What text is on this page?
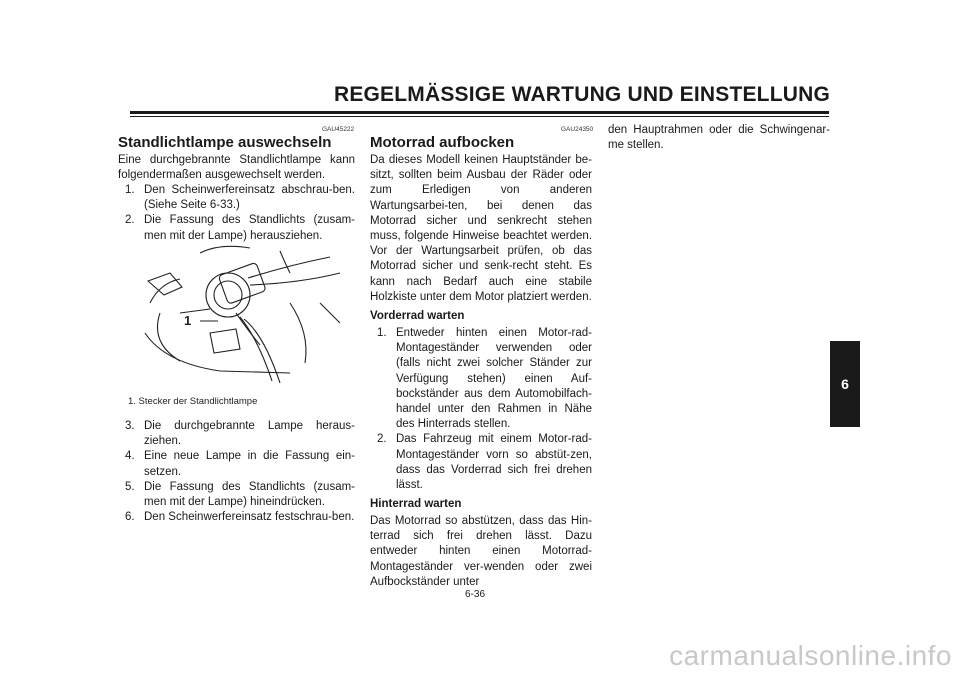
REGELMÄSSIGE WARTUNG UND EINSTELLUNG
GAU45222
Standlichtlampe auswechseln
Eine durchgebrannte Standlichtlampe kann folgendermaßen ausgewechselt werden.
1. Den Scheinwerfereinsatz abschrau-ben. (Siehe Seite 6-33.)
2. Die Fassung des Standlichts (zusam-men mit der Lampe) herausziehen.
1
1. Stecker der Standlichtlampe
3. Die durchgebrannte Lampe heraus-ziehen.
4. Eine neue Lampe in die Fassung ein-setzen.
5. Die Fassung des Standlichts (zusam-men mit der Lampe) hineindrücken.
6. Den Scheinwerfereinsatz festschrau-ben.
GAU24350
Motorrad aufbocken
Da dieses Modell keinen Hauptständer be-sitzt, sollten beim Ausbau der Räder oder zum Erledigen von anderen Wartungsarbei-ten, bei denen das Motorrad sicher und senkrecht stehen muss, folgende Hinweise beachtet werden. Vor der Wartungsarbeit prüfen, ob das Motorrad sicher und senk-recht steht. Es kann nach Bedarf auch eine stabile Holzkiste unter dem Motor platziert werden.
Vorderrad warten
1. Entweder hinten einen Motor-rad-Montageständer verwenden oder (falls nicht zwei solcher Ständer zur Verfügung stehen) einen Auf-bockständer aus dem Automobilfach-handel unter den Rahmen in Nähe des Hinterrads stellen.
2. Das Fahrzeug mit einem Motor-rad-Montageständer vorn so abstüt-zen, dass das Vorderrad sich frei drehen lässt.
Hinterrad warten
Das Motorrad so abstützen, dass das Hin-terrad sich frei drehen lässt. Dazu entweder hinten einen Motorrad-Montageständer ver-wenden oder zwei Aufbockständer unter
den Hauptrahmen oder die Schwingenar-me stellen.
6
6-36
carmanualsonline.info
